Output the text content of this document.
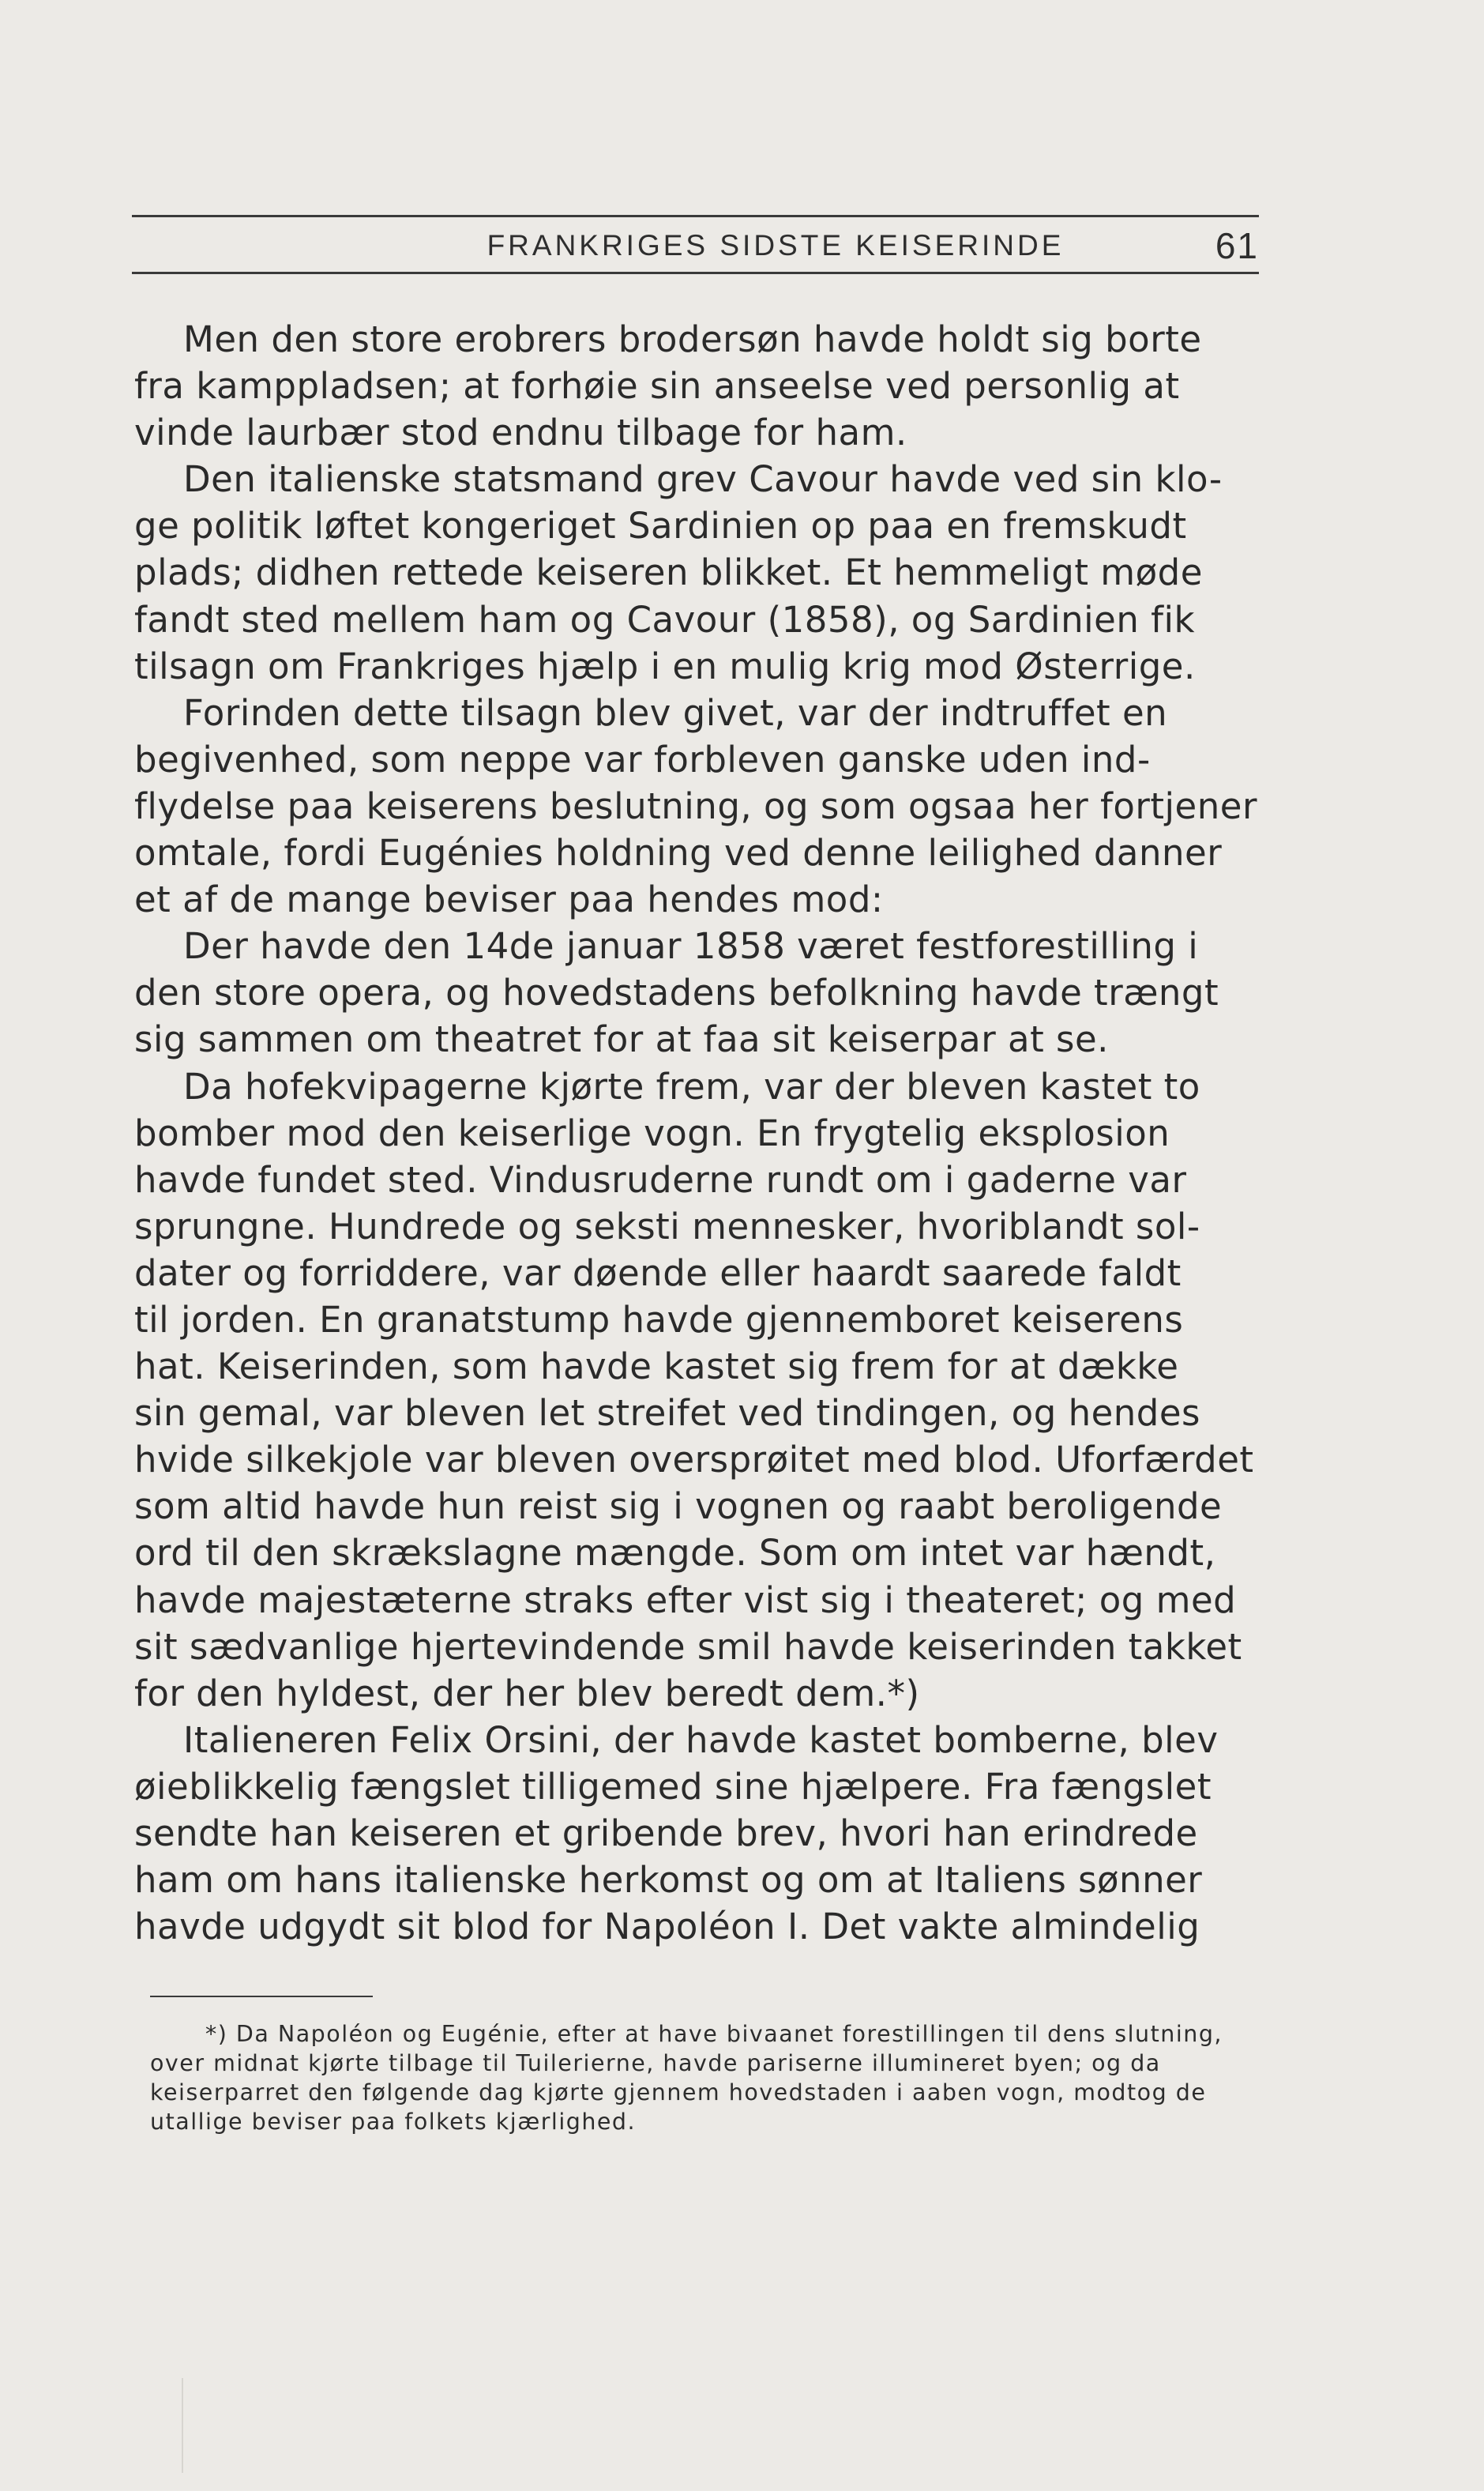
FRANKRIGES SIDSTE KEISERINDE	61

Men den store erobrers brodersøn havde holdt sig borte
fra kamppladsen; at forhøie sin anseelse ved personlig at
vinde laurbær stod endnu tilbage for ham.

Den italienske statsmand grev Cavour havde ved sin klo-
ge politik løftet kongeriget Sardinien op paa en fremskudt
plads; didhen rettede keiseren blikket. Et hemmeligt møde
fandt sted mellem ham og Cavour (1858), og Sardinien fik
tilsagn om Frankriges hjælp i en mulig krig mod Østerrige.

Forinden dette tilsagn blev givet, var der indtruffet en
begivenhed, som neppe var forbleven ganske uden ind-
flydelse paa keiserens beslutning, og som ogsaa her fortjener
omtale, fordi Eugénies holdning ved denne leilighed danner
et af de mange beviser paa hendes mod:

Der havde den 14de januar 1858 været festforestilling i
den store opera, og hovedstadens befolkning havde trængt
sig sammen om theatret for at faa sit keiserpar at se.

Da hofekvipagerne kjørte frem, var der bleven kastet to
bomber mod den keiserlige vogn. En frygtelig eksplosion
havde fundet sted. Vindusruderne rundt om i gaderne var
sprungne. Hundrede og seksti mennesker, hvoriblandt sol-
dater og forriddere, var døende eller haardt saarede faldt
til jorden. En granatstump havde gjennemboret keiserens
hat. Keiserinden, som havde kastet sig frem for at dække
sin gemal, var bleven let streifet ved tindingen, og hendes
hvide silkekjole var bleven oversprøitet med blod. Uforfærdet
som altid havde hun reist sig i vognen og raabt beroligende
ord til den skrækslagne mængde. Som om intet var hændt,
havde majestæterne straks efter vist sig i theateret; og med
sit sædvanlige hjertevindende smil havde keiserinden takket
for den hyldest, der her blev beredt dem.*)

Italieneren Felix Orsini, der havde kastet bomberne, blev
øieblikkelig fængslet tilligemed sine hjælpere. Fra fængslet
sendte han keiseren et gribende brev, hvori han erindrede
ham om hans italienske herkomst og om at Italiens sønner
havde udgydt sit blod for Napoléon I. Det vakte almindelig

*) Da Napoléon og Eugénie, efter at have bivaanet forestillingen til dens slutning,
over midnat kjørte tilbage til Tuilerierne, havde pariserne illumineret byen; og da
keiserparret den følgende dag kjørte gjennem hovedstaden i aaben vogn, modtog de
utallige beviser paa folkets kjærlighed.
